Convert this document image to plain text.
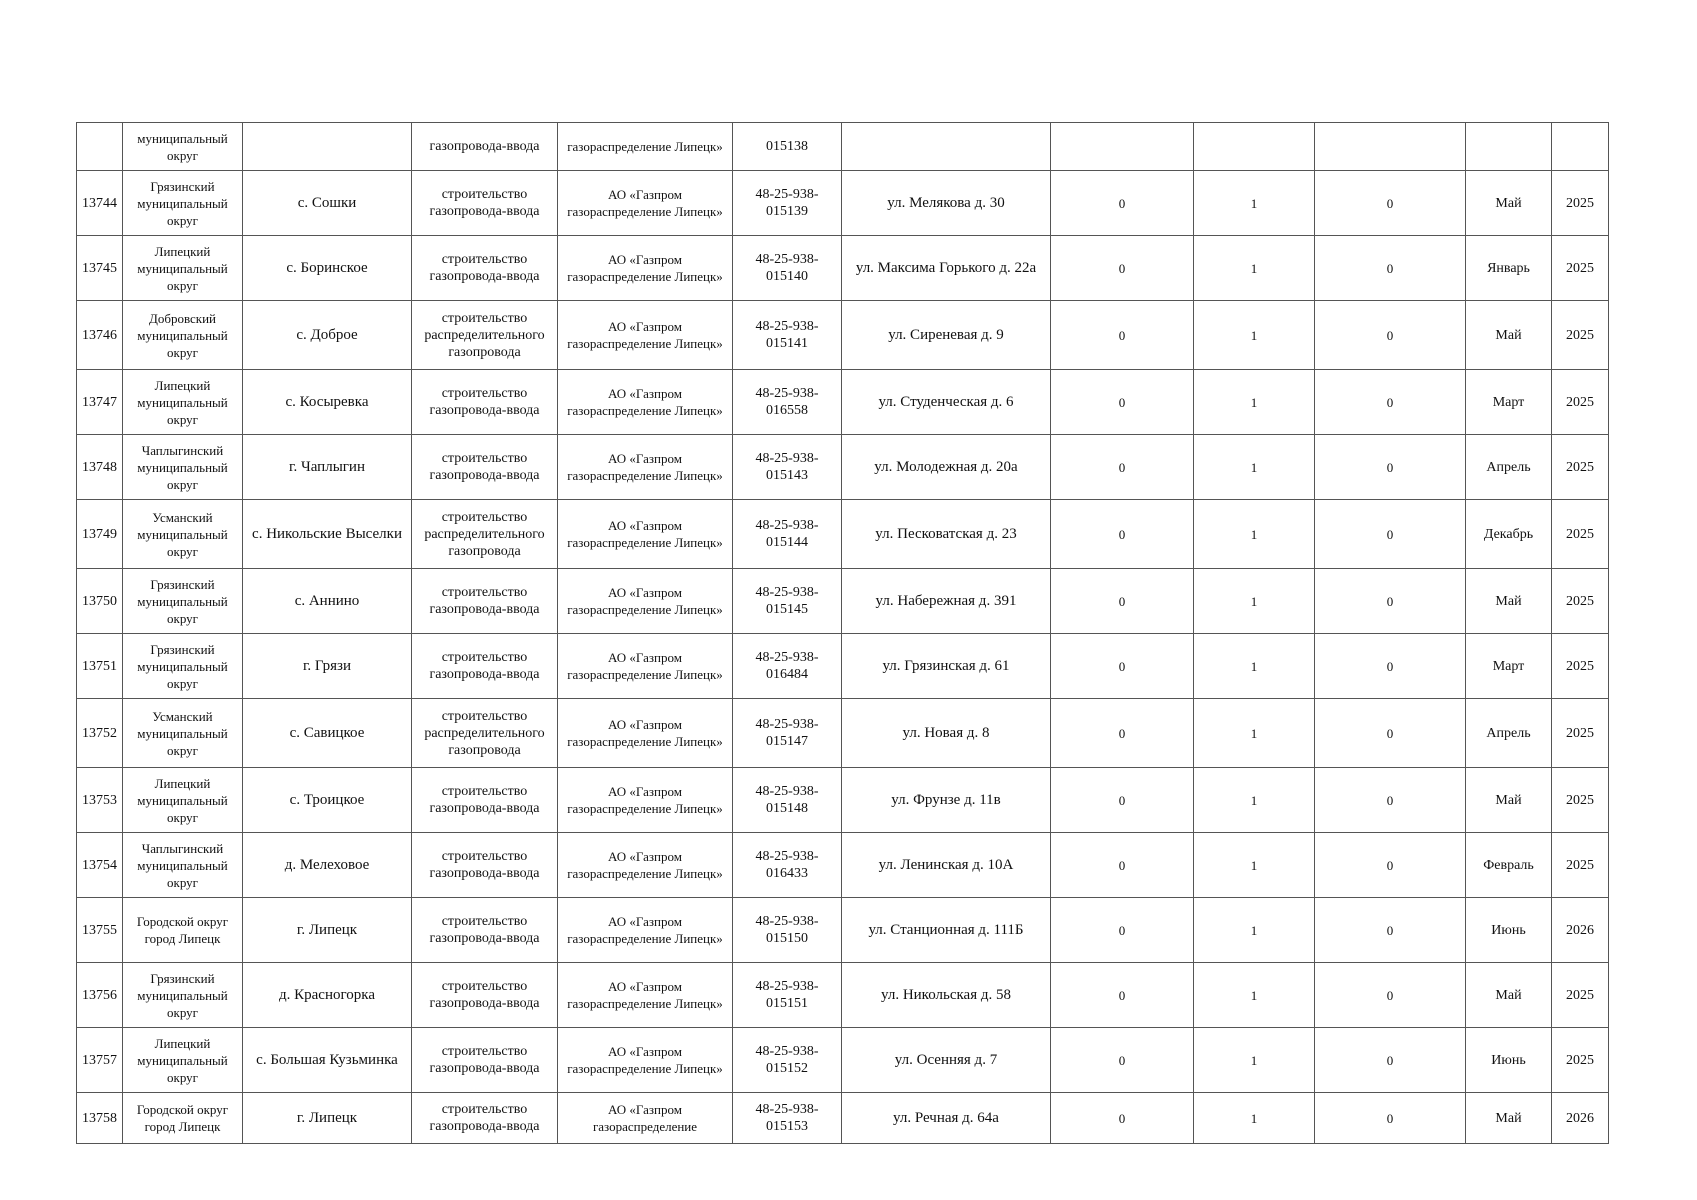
	муниципальный округ		газопровода-ввода	газораспределение Липецк»	015138						
13744	Грязинский муниципальный округ	с. Сошки	строительство газопровода-ввода	АО «Газпром газораспределение Липецк»	48-25-938-015139	ул. Мелякова д. 30	0	1	0	Май	2025
13745	Липецкий муниципальный округ	с. Боринское	строительство газопровода-ввода	АО «Газпром газораспределение Липецк»	48-25-938-015140	ул. Максима Горького д. 22а	0	1	0	Январь	2025
13746	Добровский муниципальный округ	с. Доброе	строительство распределительного газопровода	АО «Газпром газораспределение Липецк»	48-25-938-015141	ул. Сиреневая д. 9	0	1	0	Май	2025
13747	Липецкий муниципальный округ	с. Косыревка	строительство газопровода-ввода	АО «Газпром газораспределение Липецк»	48-25-938-016558	ул. Студенческая д. 6	0	1	0	Март	2025
13748	Чаплыгинский муниципальный округ	г. Чаплыгин	строительство газопровода-ввода	АО «Газпром газораспределение Липецк»	48-25-938-015143	ул. Молодежная д. 20а	0	1	0	Апрель	2025
13749	Усманский муниципальный округ	с. Никольские Выселки	строительство распределительного газопровода	АО «Газпром газораспределение Липецк»	48-25-938-015144	ул. Песковатская д. 23	0	1	0	Декабрь	2025
13750	Грязинский муниципальный округ	с. Аннино	строительство газопровода-ввода	АО «Газпром газораспределение Липецк»	48-25-938-015145	ул. Набережная д. 391	0	1	0	Май	2025
13751	Грязинский муниципальный округ	г. Грязи	строительство газопровода-ввода	АО «Газпром газораспределение Липецк»	48-25-938-016484	ул. Грязинская д. 61	0	1	0	Март	2025
13752	Усманский муниципальный округ	с. Савицкое	строительство распределительного газопровода	АО «Газпром газораспределение Липецк»	48-25-938-015147	ул. Новая д. 8	0	1	0	Апрель	2025
13753	Липецкий муниципальный округ	с. Троицкое	строительство газопровода-ввода	АО «Газпром газораспределение Липецк»	48-25-938-015148	ул. Фрунзе д. 11в	0	1	0	Май	2025
13754	Чаплыгинский муниципальный округ	д. Мелеховое	строительство газопровода-ввода	АО «Газпром газораспределение Липецк»	48-25-938-016433	ул. Ленинская д. 10А	0	1	0	Февраль	2025
13755	Городской округ город Липецк	г. Липецк	строительство газопровода-ввода	АО «Газпром газораспределение Липецк»	48-25-938-015150	ул. Станционная д. 111Б	0	1	0	Июнь	2026
13756	Грязинский муниципальный округ	д. Красногорка	строительство газопровода-ввода	АО «Газпром газораспределение Липецк»	48-25-938-015151	ул. Никольская д. 58	0	1	0	Май	2025
13757	Липецкий муниципальный округ	с. Большая Кузьминка	строительство газопровода-ввода	АО «Газпром газораспределение Липецк»	48-25-938-015152	ул. Осенняя д. 7	0	1	0	Июнь	2025
13758	Городской округ город Липецк	г. Липецк	строительство газопровода-ввода	АО «Газпром газораспределение	48-25-938-015153	ул. Речная д. 64а	0	1	0	Май	2026
